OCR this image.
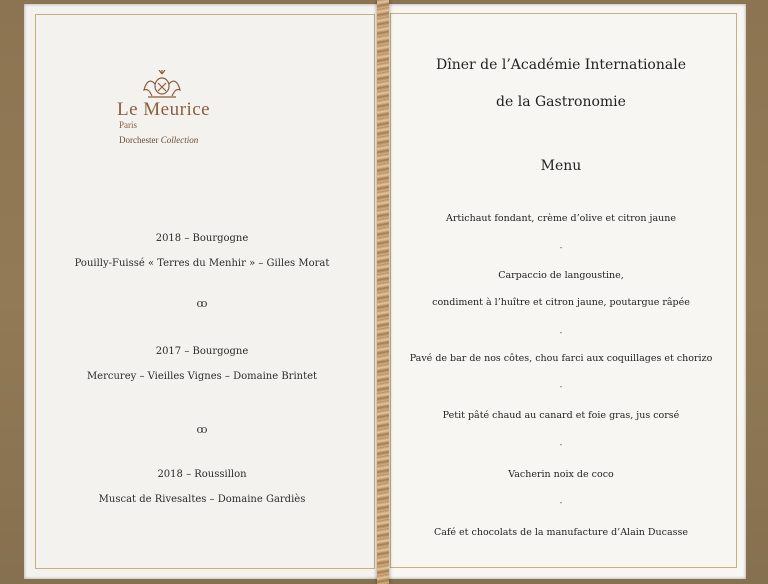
Le Meurice
Paris
Dorchester Collection
2018 – Bourgogne
Pouilly-Fuissé « Terres du Menhir » – Gilles Morat
ꝏ
2017 – Bourgogne
Mercurey – Vieilles Vignes – Domaine Brintet
ꝏ
2018 – Roussillon
Muscat de Rivesaltes – Domaine Gardiès
Dîner de l’Académie Internationale
de la Gastronomie
Menu
Artichaut fondant, crème d’olive et citron jaune
-
Carpaccio de langoustine,
condiment à l’huître et citron jaune, poutargue râpée
-
Pavé de bar de nos côtes, chou farci aux coquillages et chorizo
-
Petit pâté chaud au canard et foie gras, jus corsé
-
Vacherin noix de coco
-
Café et chocolats de la manufacture d’Alain Ducasse
